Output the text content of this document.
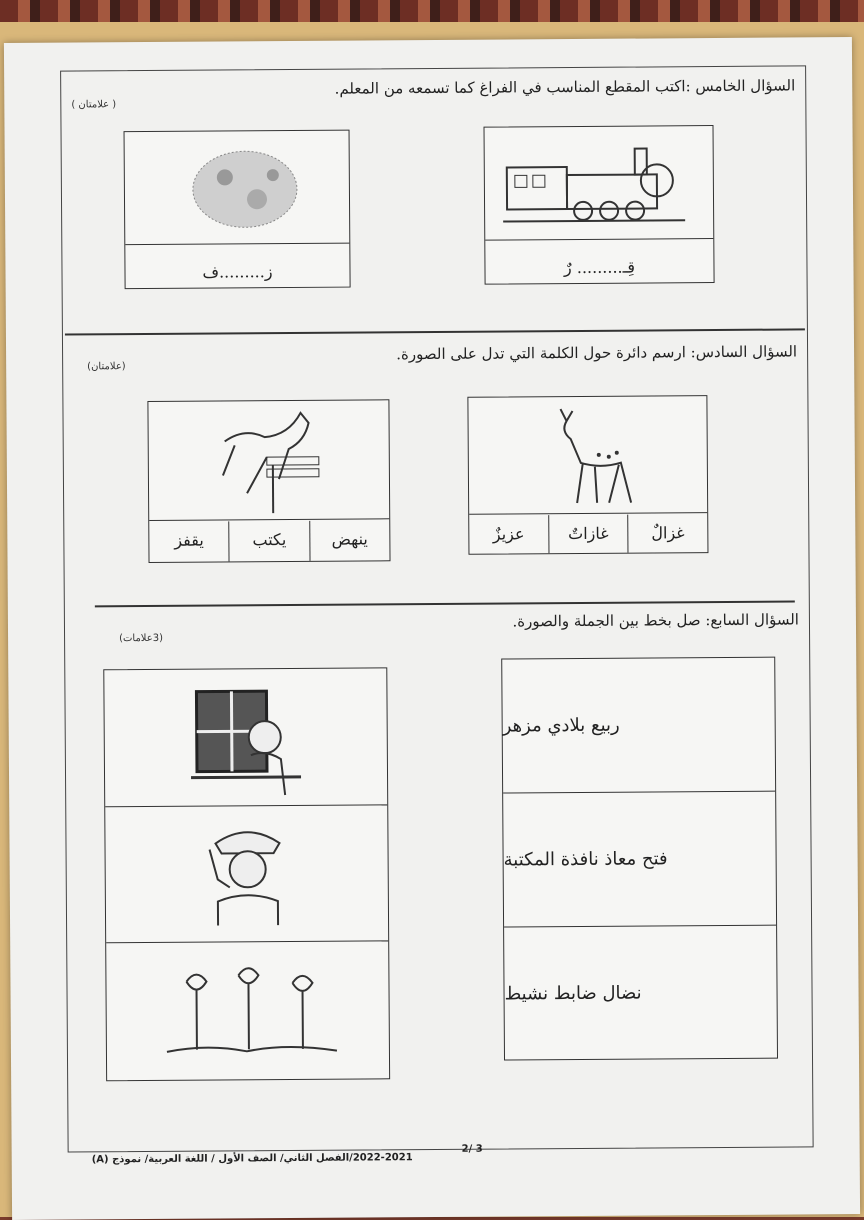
السؤال الخامس :اكتب المقطع المناسب في الفراغ كما تسمعه من المعلم.
( علامتان )
قِـ......... رٌ
ز.........ف
السؤال السادس: ارسم دائرة حول الكلمة التي تدل على الصورة.
(علامتان)
غزالٌ
غازاتٌ
عزيزٌ
ينهض
يكتب
يقفز
السؤال السابع: صل بخط بين الجملة والصورة.
(3علامات)
ربيع بلادي مزهر
فتح معاذ نافذة المكتبة
نضال ضابط نشيط
2022-2021/الفصل الثاني/ الصف الأول / اللغة العربية/ نموذج (A)
3 /2
